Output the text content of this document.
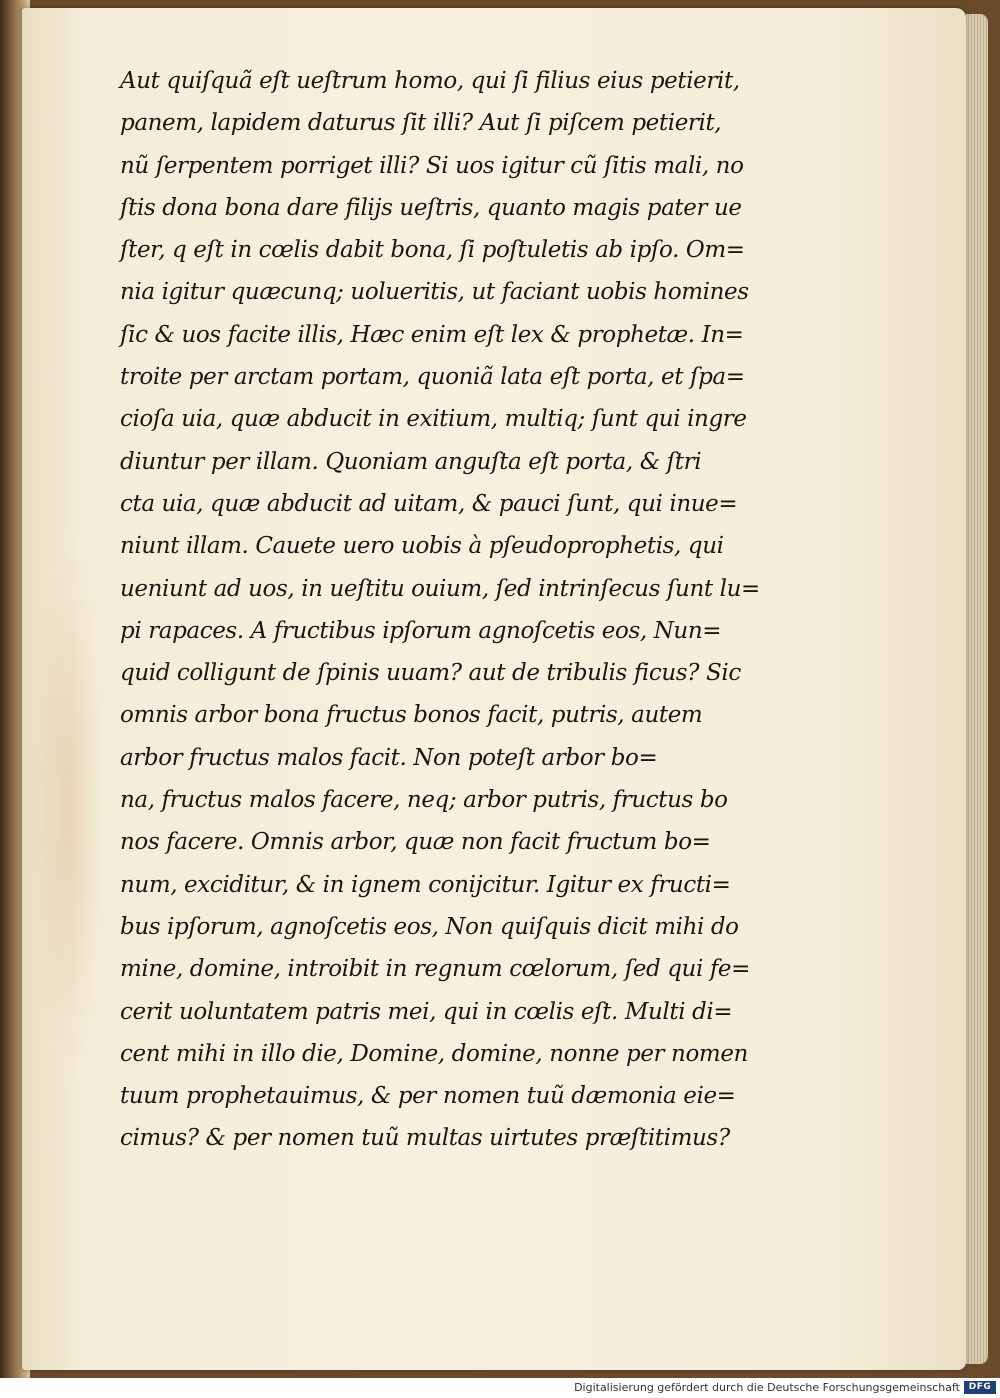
Aut quiſquã eſt ueſtrum homo, qui ſi filius eius petierit,
panem, lapidem daturus ſit illi? Aut ſi piſcem petierit,
nũ ſerpentem porriget illi? Si uos igitur cũ ſitis mali, no
ſtis dona bona dare filijs ueſtris, quanto magis pater ue
ſter, q eſt in cœlis dabit bona, ſi poſtuletis ab ipſo. Om=
nia igitur quæcunq; uolueritis, ut faciant uobis homines
ſic & uos facite illis, Hæc enim eſt lex & prophetæ. In=
troite per arctam portam, quoniã lata eſt porta, et ſpa=
cioſa uia, quæ abducit in exitium, multiq; ſunt qui ingre
diuntur per illam. Quoniam anguſta eſt porta, & ſtri
cta uia, quæ abducit ad uitam, & pauci ſunt, qui inue=
niunt illam. Cauete uero uobis à pſeudoprophetis, qui
ueniunt ad uos, in ueſtitu ouium, ſed intrinſecus ſunt lu=
pi rapaces. A fructibus ipſorum agnoſcetis eos, Nun=
quid colligunt de ſpinis uuam? aut de tribulis ficus? Sic
omnis arbor bona fructus bonos facit, putris, autem
arbor fructus malos facit. Non poteſt arbor bo=
na, fructus malos facere, neq; arbor putris, fructus bo
nos facere. Omnis arbor, quæ non facit fructum bo=
num, exciditur, & in ignem conijcitur. Igitur ex fructi=
bus ipſorum, agnoſcetis eos, Non quiſquis dicit mihi do
mine, domine, introibit in regnum cœlorum, ſed qui fe=
cerit uoluntatem patris mei, qui in cœlis eſt. Multi di=
cent mihi in illo die, Domine, domine, nonne per nomen
tuum prophetauimus, & per nomen tuũ dæmonia eie=
cimus? & per nomen tuũ multas uirtutes præſtitimus?
Digitalisierung gefördert durch die Deutsche Forschungsgemeinschaft DFG
